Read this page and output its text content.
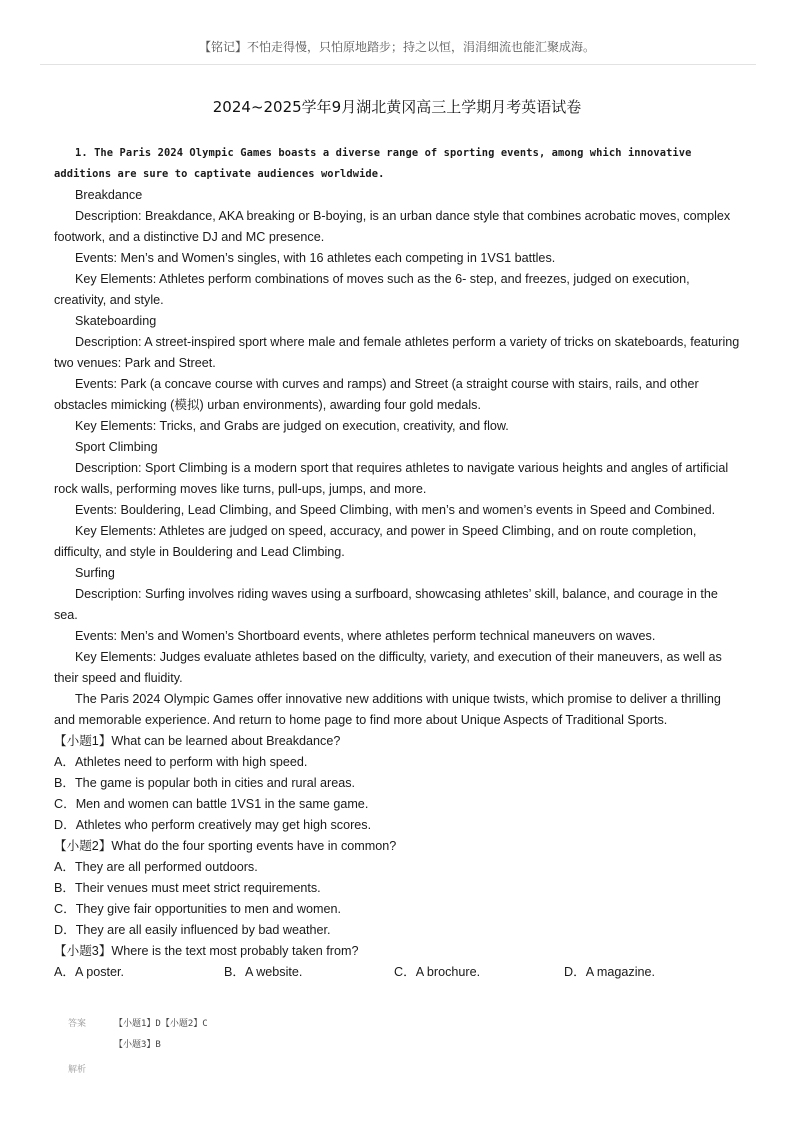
【铭记】不怕走得慢，只怕原地踏步；持之以恒，涓涓细流也能汇聚成海。
2024~2025学年9月湖北黄冈高三上学期月考英语试卷

1. The Paris 2024 Olympic Games boasts a diverse range of sporting events, among which innovative additions are sure to captivate audiences worldwide.

Breakdance

Description: Breakdance, AKA breaking or B-boying, is an urban dance style that combines acrobatic moves, complex footwork, and a distinctive DJ and MC presence.

Events: Men’s and Women’s singles, with 16 athletes each competing in 1VS1 battles.

Key Elements: Athletes perform combinations of moves such as the 6- step, and freezes, judged on execution, creativity, and style.

Skateboarding

Description: A street-inspired sport where male and female athletes perform a variety of tricks on skateboards, featuring two venues: Park and Street.

Events: Park (a concave course with curves and ramps) and Street (a straight course with stairs, rails, and other obstacles mimicking (模拟) urban environments), awarding four gold medals.

Key Elements: Tricks, and Grabs are judged on execution, creativity, and flow.

Sport Climbing

Description: Sport Climbing is a modern sport that requires athletes to navigate various heights and angles of artificial rock walls, performing moves like turns, pull-ups, jumps, and more.

Events: Bouldering, Lead Climbing, and Speed Climbing, with men’s and women’s events in Speed and Combined.

Key Elements: Athletes are judged on speed, accuracy, and power in Speed Climbing, and on route completion, difficulty, and style in Bouldering and Lead Climbing.

Surfing

Description: Surfing involves riding waves using a surfboard, showcasing athletes’ skill, balance, and courage in the sea.

Events: Men’s and Women’s Shortboard events, where athletes perform technical maneuvers on waves.

Key Elements: Judges evaluate athletes based on the difficulty, variety, and execution of their maneuvers, as well as their speed and fluidity.

The Paris 2024 Olympic Games offer innovative new additions with unique twists, which promise to deliver a thrilling and memorable experience. And return to home page to find more about Unique Aspects of Traditional Sports.

【小题1】What can be learned about Breakdance?

A．Athletes need to perform with high speed.

B．The game is popular both in cities and rural areas.

C．Men and women can battle 1VS1 in the same game.

D．Athletes who perform creatively may get high scores.

【小题2】What do the four sporting events have in common?

A．They are all performed outdoors.

B．Their venues must meet strict requirements.

C．They give fair opportunities to men and women.

D．They are all easily influenced by bad weather.

【小题3】Where is the text most probably taken from?

A．A poster.	B．A website.	C．A brochure.	D．A magazine.
答案	【小题1】D【小题2】C
【小题3】B
解析
